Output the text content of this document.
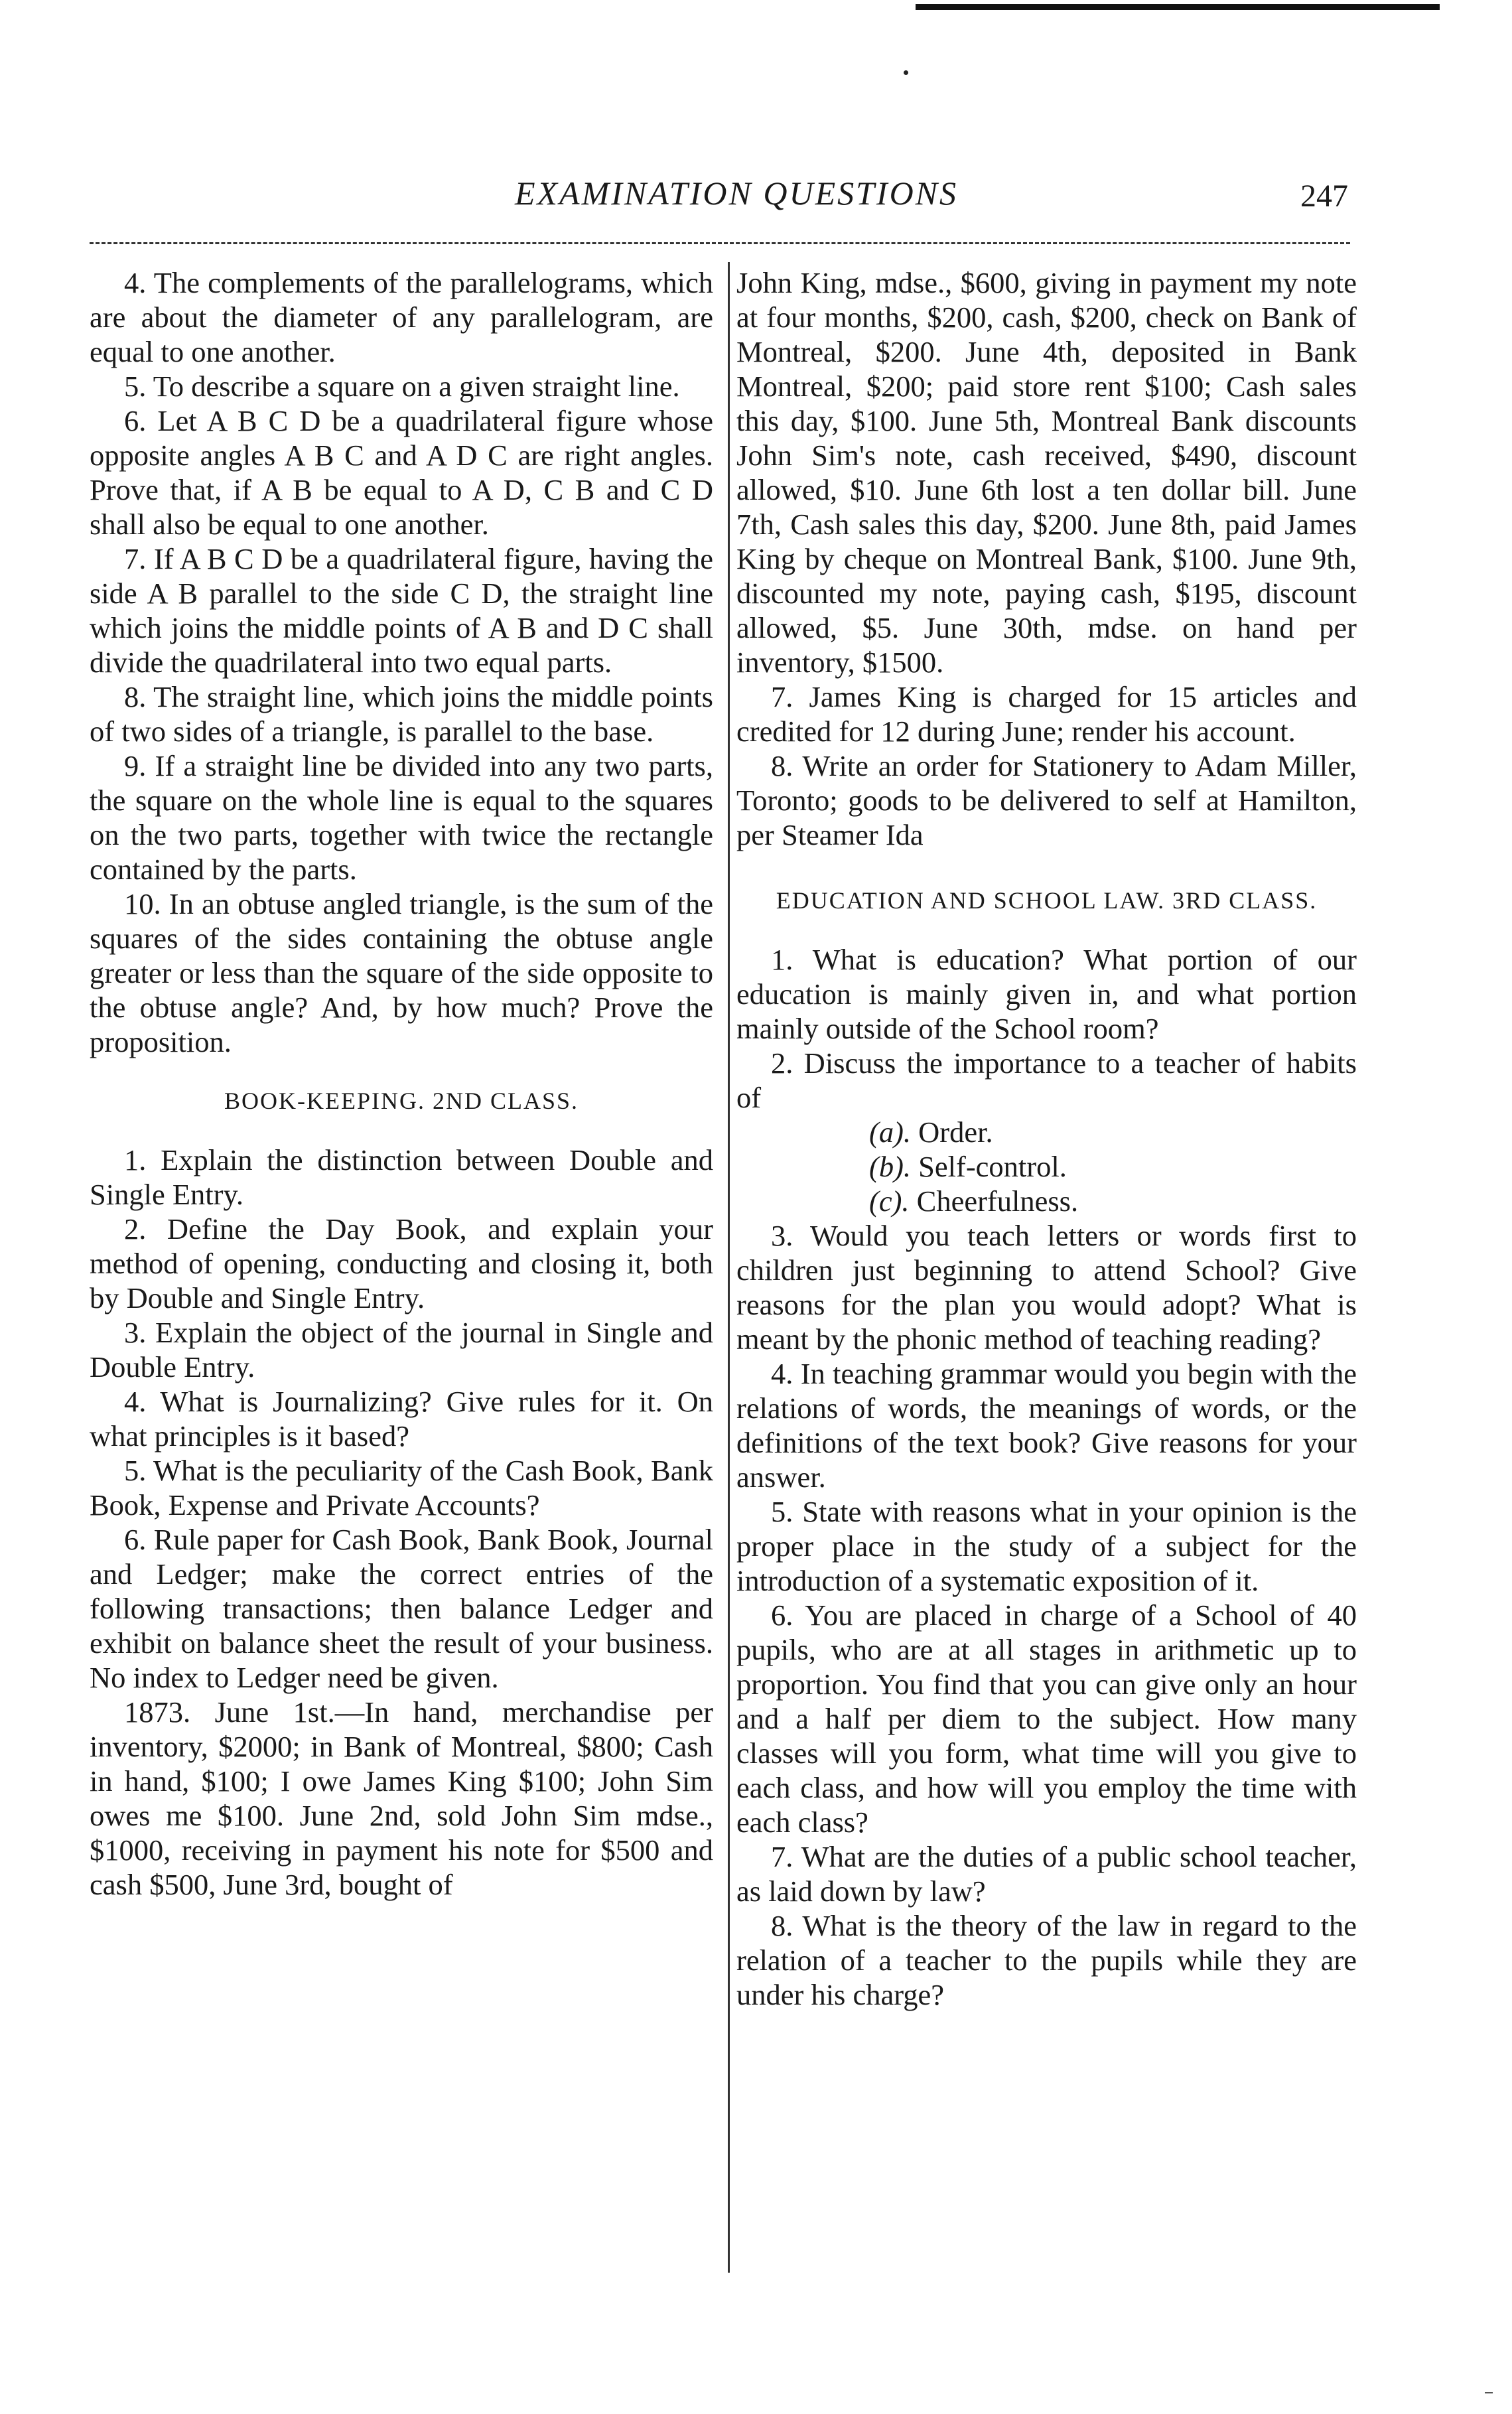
EXAMINATION QUESTIONS	247

4. The complements of the parallelograms, which are about the diameter of any parallelogram, are equal to one another.

5. To describe a square on a given straight line.

6. Let A B C D be a quadrilateral figure whose opposite angles A B C and A D C are right angles. Prove that, if A B be equal to A D, C B and C D shall also be equal to one another.

7. If A B C D be a quadrilateral figure, having the side A B parallel to the side C D, the straight line which joins the middle points of A B and D C shall divide the quadrilateral into two equal parts.

8. The straight line, which joins the middle points of two sides of a triangle, is parallel to the base.

9. If a straight line be divided into any two parts, the square on the whole line is equal to the squares on the two parts, together with twice the rectangle contained by the parts.

10. In an obtuse angled triangle, is the sum of the squares of the sides containing the obtuse angle greater or less than the square of the side opposite to the obtuse angle? And, by how much? Prove the proposition.

BOOK-KEEPING. 2ND CLASS.

1. Explain the distinction between Double and Single Entry.

2. Define the Day Book, and explain your method of opening, conducting and closing it, both by Double and Single Entry.

3. Explain the object of the journal in Single and Double Entry.

4. What is Journalizing? Give rules for it. On what principles is it based?

5. What is the peculiarity of the Cash Book, Bank Book, Expense and Private Accounts?

6. Rule paper for Cash Book, Bank Book, Journal and Ledger; make the correct entries of the following transactions; then balance Ledger and exhibit on balance sheet the result of your business. No index to Ledger need be given.

1873. June 1st.—In hand, merchandise per inventory, $2000; in Bank of Montreal, $800; Cash in hand, $100; I owe James King $100; John Sim owes me $100. June 2nd, sold John Sim mdse., $1000, receiving in payment his note for $500 and cash $500, June 3rd, bought of

John King, mdse., $600, giving in payment my note at four months, $200, cash, $200, check on Bank of Montreal, $200. June 4th, deposited in Bank Montreal, $200; paid store rent $100; Cash sales this day, $100. June 5th, Montreal Bank discounts John Sim's note, cash received, $490, discount allowed, $10. June 6th lost a ten dollar bill. June 7th, Cash sales this day, $200. June 8th, paid James King by cheque on Montreal Bank, $100. June 9th, discounted my note, paying cash, $195, discount allowed, $5. June 30th, mdse. on hand per inventory, $1500.

7. James King is charged for 15 articles and credited for 12 during June; render his account.

8. Write an order for Stationery to Adam Miller, Toronto; goods to be delivered to self at Hamilton, per Steamer Ida

EDUCATION AND SCHOOL LAW. 3RD CLASS.

1. What is education? What portion of our education is mainly given in, and what portion mainly outside of the School room?

2. Discuss the importance to a teacher of habits of

(a). Order.

(b). Self-control.

(c). Cheerfulness.

3. Would you teach letters or words first to children just beginning to attend School? Give reasons for the plan you would adopt? What is meant by the phonic method of teaching reading?

4. In teaching grammar would you begin with the relations of words, the meanings of words, or the definitions of the text book? Give reasons for your answer.

5. State with reasons what in your opinion is the proper place in the study of a subject for the introduction of a systematic exposition of it.

6. You are placed in charge of a School of 40 pupils, who are at all stages in arithmetic up to proportion. You find that you can give only an hour and a half per diem to the subject. How many classes will you form, what time will you give to each class, and how will you employ the time with each class?

7. What are the duties of a public school teacher, as laid down by law?

8. What is the theory of the law in regard to the relation of a teacher to the pupils while they are under his charge?
